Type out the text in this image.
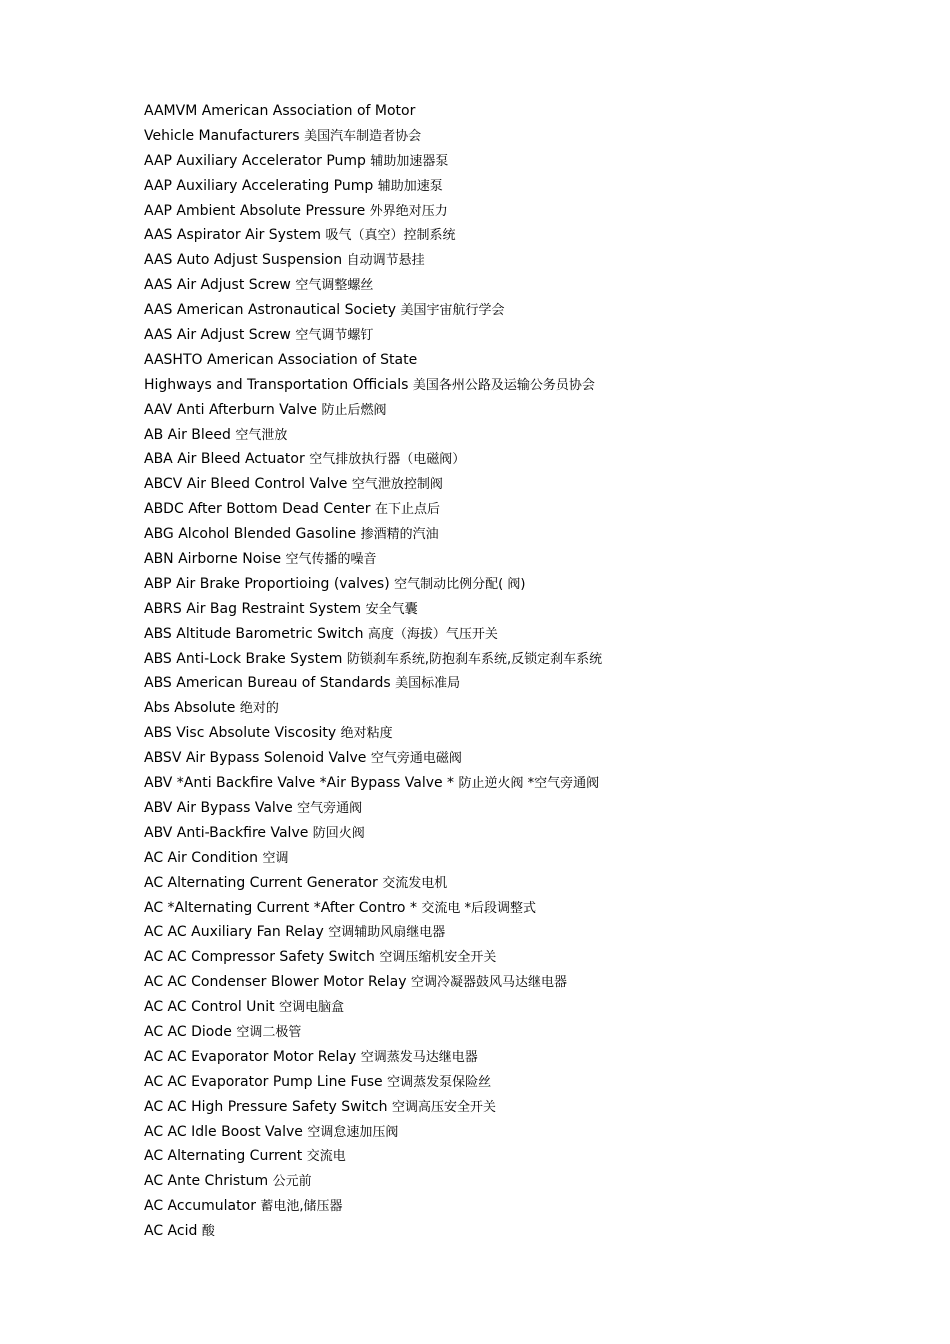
AAMVM American Association of Motor
Vehicle Manufacturers 美国汽车制造者协会
AAP Auxiliary Accelerator Pump 辅助加速器泵
AAP Auxiliary Accelerating Pump 辅助加速泵
AAP Ambient Absolute Pressure 外界绝对压力
AAS Aspirator Air System 吸气（真空）控制系统
AAS Auto Adjust Suspension 自动调节悬挂
AAS Air Adjust Screw 空气调整螺丝
AAS American Astronautical Society 美国宇宙航行学会
AAS Air Adjust Screw 空气调节螺钉
AASHTO American Association of State
Highways and Transportation Officials 美国各州公路及运输公务员协会
AAV Anti Afterburn Valve 防止后燃阀
AB Air Bleed 空气泄放
ABA Air Bleed Actuator 空气排放执行器（电磁阀）
ABCV Air Bleed Control Valve 空气泄放控制阀
ABDC After Bottom Dead Center 在下止点后
ABG Alcohol Blended Gasoline 掺酒精的汽油
ABN Airborne Noise 空气传播的噪音
ABP Air Brake Proportioing (valves) 空气制动比例分配( 阀)
ABRS Air Bag Restraint System 安全气囊
ABS Altitude Barometric Switch 高度（海拔）气压开关
ABS Anti-Lock Brake System 防锁刹车系统,防抱刹车系统,反锁定刹车系统
ABS American Bureau of Standards 美国标准局
Abs Absolute 绝对的
ABS Visc Absolute Viscosity 绝对粘度
ABSV Air Bypass Solenoid Valve 空气旁通电磁阀
ABV *Anti Backfire Valve *Air Bypass Valve * 防止逆火阀 *空气旁通阀
ABV Air Bypass Valve 空气旁通阀
ABV Anti-Backfire Valve 防回火阀
AC Air Condition 空调
AC Alternating Current Generator 交流发电机
AC *Alternating Current *After Contro * 交流电 *后段调整式
AC AC Auxiliary Fan Relay 空调辅助风扇继电器
AC AC Compressor Safety Switch 空调压缩机安全开关
AC AC Condenser Blower Motor Relay 空调冷凝器鼓风马达继电器
AC AC Control Unit 空调电脑盒
AC AC Diode 空调二极管
AC AC Evaporator Motor Relay 空调蒸发马达继电器
AC AC Evaporator Pump Line Fuse 空调蒸发泵保险丝
AC AC High Pressure Safety Switch 空调高压安全开关
AC AC Idle Boost Valve 空调怠速加压阀
AC Alternating Current 交流电
AC Ante Christum 公元前
AC Accumulator 蓄电池,储压器
AC Acid 酸
